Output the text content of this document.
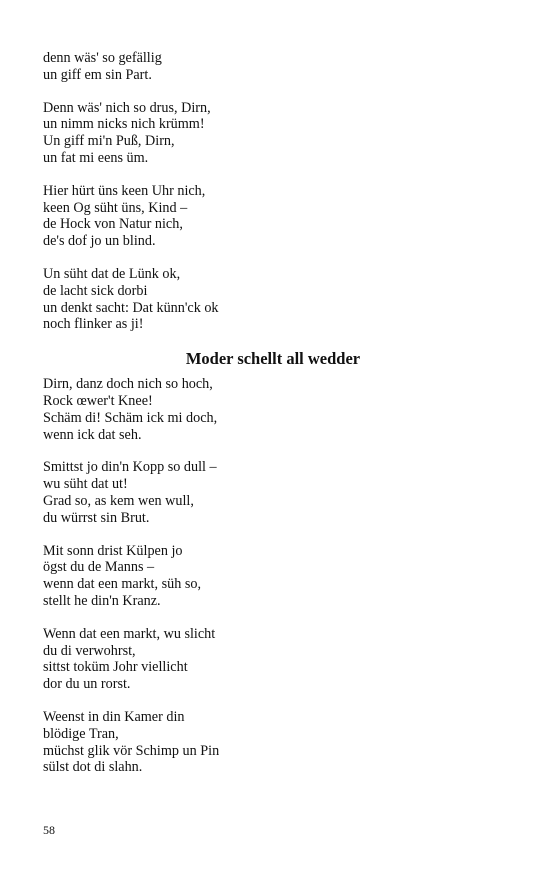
denn wäs' so gefällig
un giff em sin Part.
Denn wäs' nich so drus, Dirn,
un nimm nicks nich krümm!
Un giff mi'n Puß, Dirn,
un fat mi eens üm.
Hier hürt üns keen Uhr nich,
keen Og süht üns, Kind –
de Hock von Natur nich,
de's dof jo un blind.
Un süht dat de Lünk ok,
de lacht sick dorbi
un denkt sacht: Dat künn'ck ok
noch flinker as ji!
Moder schellt all wedder
Dirn, danz doch nich so hoch,
Rock œwer't Knee!
Schäm di! Schäm ick mi doch,
wenn ick dat seh.
Smittst jo din'n Kopp so dull –
wu süht dat ut!
Grad so, as kem wen wull,
du würrst sin Brut.
Mit sonn drist Külpen jo
ögst du de Manns –
wenn dat een markt, süh so,
stellt he din'n Kranz.
Wenn dat een markt, wu slicht
du di verwohrst,
sittst toküm Johr viellicht
dor du un rorst.
Weenst in din Kamer din
blödige Tran,
müchst glik vör Schimp un Pin
sülst dot di slahn.
58
